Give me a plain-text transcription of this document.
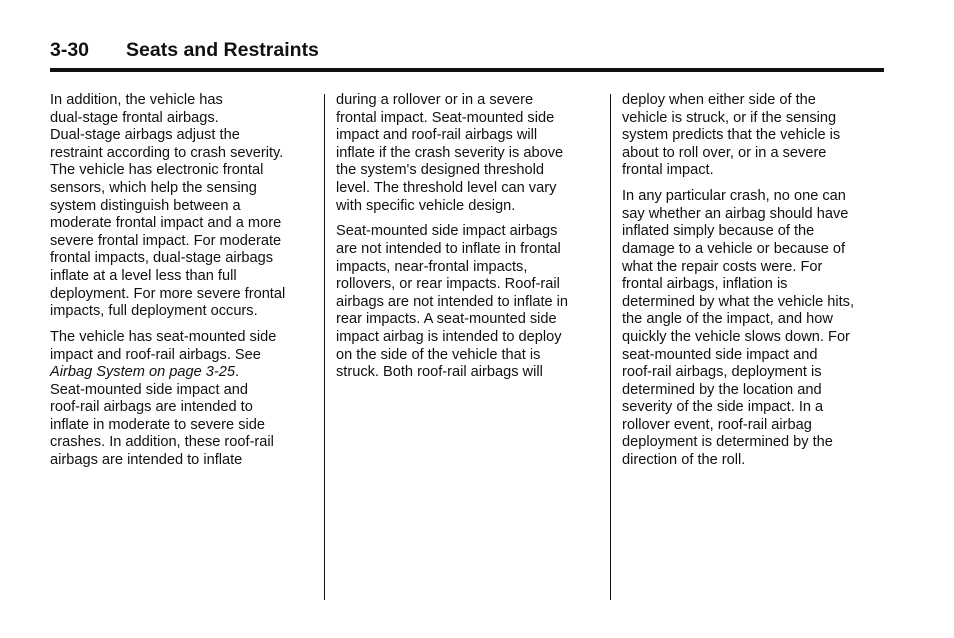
3-30 Seats and Restraints

In addition, the vehicle has
dual-stage frontal airbags.
Dual-stage airbags adjust the
restraint according to crash severity.
The vehicle has electronic frontal
sensors, which help the sensing
system distinguish between a
moderate frontal impact and a more
severe frontal impact. For moderate
frontal impacts, dual-stage airbags
inflate at a level less than full
deployment. For more severe frontal
impacts, full deployment occurs.

The vehicle has seat-mounted side
impact and roof-rail airbags. See
Airbag System on page 3-25.
Seat-mounted side impact and
roof-rail airbags are intended to
inflate in moderate to severe side
crashes. In addition, these roof-rail
airbags are intended to inflate

during a rollover or in a severe
frontal impact. Seat-mounted side
impact and roof-rail airbags will
inflate if the crash severity is above
the system's designed threshold
level. The threshold level can vary
with specific vehicle design.

Seat-mounted side impact airbags
are not intended to inflate in frontal
impacts, near-frontal impacts,
rollovers, or rear impacts. Roof-rail
airbags are not intended to inflate in
rear impacts. A seat-mounted side
impact airbag is intended to deploy
on the side of the vehicle that is
struck. Both roof-rail airbags will

deploy when either side of the
vehicle is struck, or if the sensing
system predicts that the vehicle is
about to roll over, or in a severe
frontal impact.

In any particular crash, no one can
say whether an airbag should have
inflated simply because of the
damage to a vehicle or because of
what the repair costs were. For
frontal airbags, inflation is
determined by what the vehicle hits,
the angle of the impact, and how
quickly the vehicle slows down. For
seat-mounted side impact and
roof-rail airbags, deployment is
determined by the location and
severity of the side impact. In a
rollover event, roof-rail airbag
deployment is determined by the
direction of the roll.
